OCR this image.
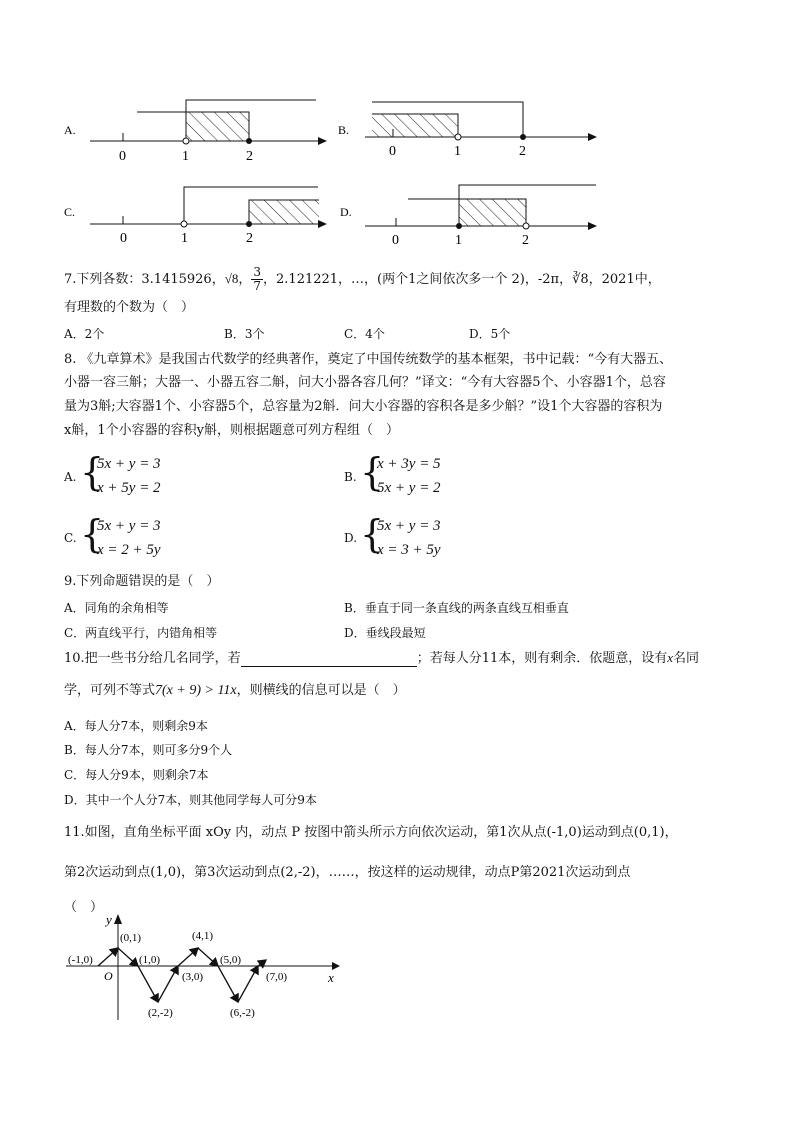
A.
0	1	2
B.
0	1	2
C.
0	1	2
D.
0	1	2
7.下列各数：3.1415926，√8， $\frac{3}{7}$ ，2.121221，…，(两个1之间依次多一个 2)，-2π，∛8，2021中，
有理数的个数为（　）
A．2个	B．3个	C．4个	D．5个
8. 《九章算术》是我国古代数学的经典著作，奠定了中国传统数学的基本框架，书中记载：“今有大器五、
小器一容三斛；大器一、小器五容二斛，问大小器各容几何？”译文：“今有大容器5个、小容器1个，总容
量为3斛;大容器1个、小容器5个，总容量为2斛．问大小容器的容积各是多少斛？”设1个大容器的容积为
x斛，1个小容器的容积y斛，则根据题意可列方程组（　）
A. {
5x + y = 3
x + 5y = 2
B. {
x + 3y = 5
5x + y = 2
C. {
5x + y = 3
x = 2 + 5y
D. {
5x + y = 3
x = 3 + 5y
9.下列命题错误的是（　）
A．同角的余角相等	B．垂直于同一条直线的两条直线互相垂直
C．两直线平行，内错角相等	D．垂线段最短
10.把一些书分给几名同学，若	；若每人分11本，则有剩余．依题意，设有x名同
学，可列不等式7(x + 9) > 11x，则横线的信息可以是（　）
A．每人分7本，则剩余9本
B．每人分7本，则可多分9个人
C．每人分9本，则剩余7本
D．其中一个人分7本，则其他同学每人可分9本
11.如图，直角坐标平面 xOy 内，动点 P 按图中箭头所示方向依次运动，第1次从点(-1,0)运动到点(0,1)，
第2次运动到点(1,0)，第3次运动到点(2,-2)，……，按这样的运动规律，动点P第2021次运动到点
（　）
x
y
O
(-1,0)
(0,1)
(1,0)
(2,-2)
(3,0)
(4,1)
(5,0)
(6,-2)
(7,0)
